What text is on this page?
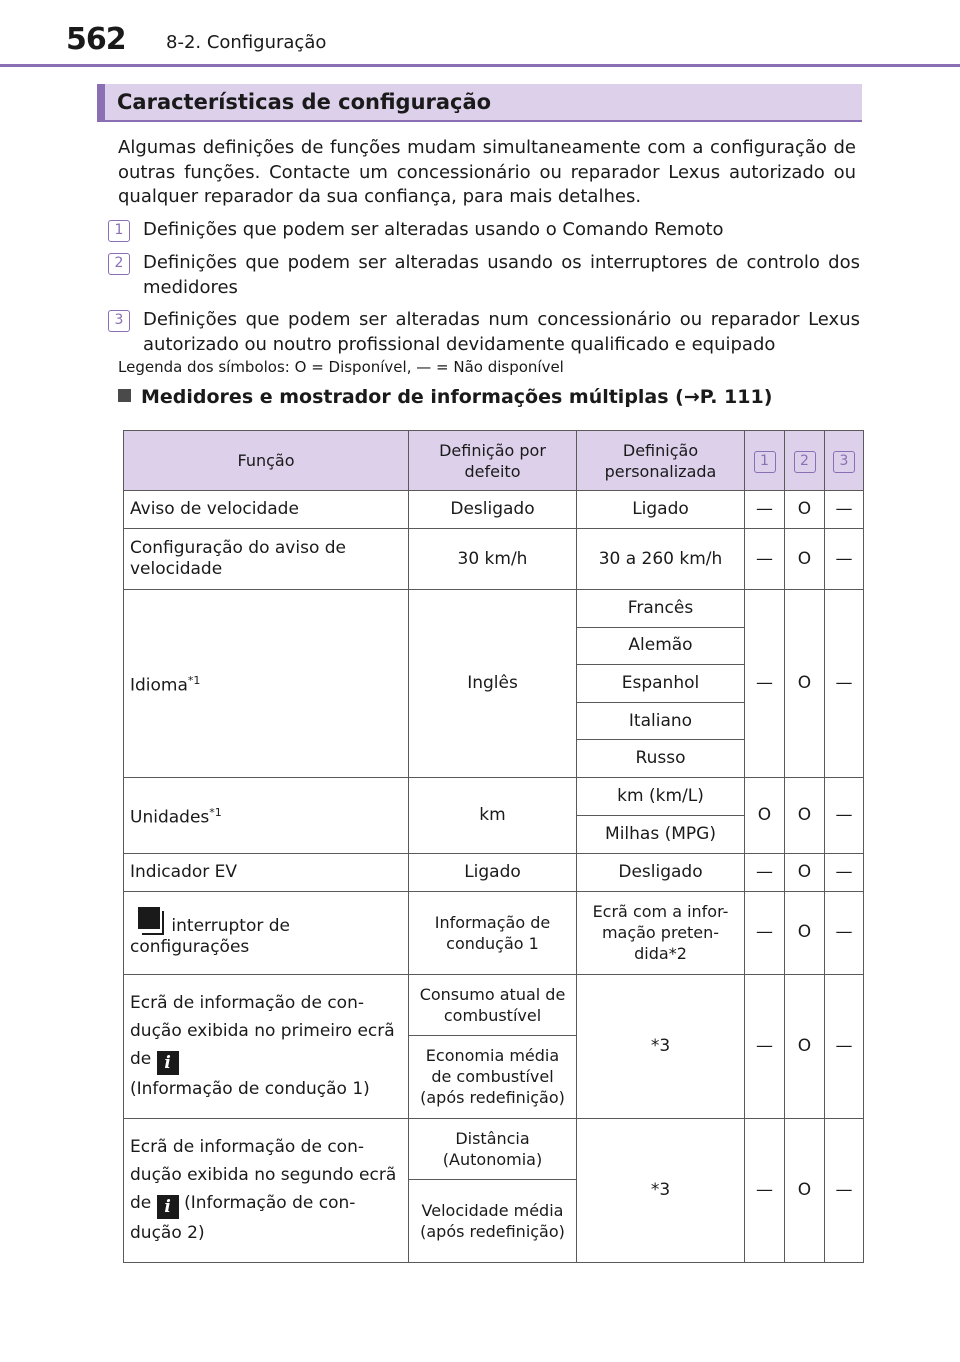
562 8-2. Configuração
Características de configuração

Algumas definições de funções mudam simultaneamente com a configuração de outras funções. Contacte um concessionário ou reparador Lexus autorizado ou qualquer reparador da sua confiança, para mais detalhes.

1	Definições que podem ser alteradas usando o Comando Remoto
2	Definições que podem ser alteradas usando os interruptores de controlo dos medidores
3	Definições que podem ser alteradas num concessionário ou reparador Lexus autorizado ou noutro profissional devidamente qualificado e equipado
Legenda dos símbolos: O = Disponível, — = Não disponível
Medidores e mostrador de informações múltiplas (→P. 111)
Função	Definição por defeito	Definição personalizada	1	2	3
Aviso de velocidade	Desligado	Ligado	—	O	—
Configuração do aviso de velocidade	30 km/h	30 a 260 km/h	—	O	—
Idioma$^{*1}$	Inglês	Francês	—	O	—
		Alemão			
		Espanhol			
		Italiano			
		Russo			
Unidades$^{*1}$	km	km (km/L)	O	O	—
		Milhas (MPG)			
Indicador EV	Ligado	Desligado	—	O	—

interruptor de
configurações	Informação de condução 1	Ecrã com a infor- mação preten- dida*2	—	O	—
Ecrã de informação de con- dução exibida no primeiro ecrã de i
(Informação de condução 1)	Consumo atual de combustível	*3	—	O	—
	Economia média de combustível (após redefinição)				
Ecrã de informação de con- dução exibida no segundo ecrã de i (Informação de con- dução 2)	Distância (Autonomia)	*3	—	O	—
	Velocidade média (após redefinição)				
